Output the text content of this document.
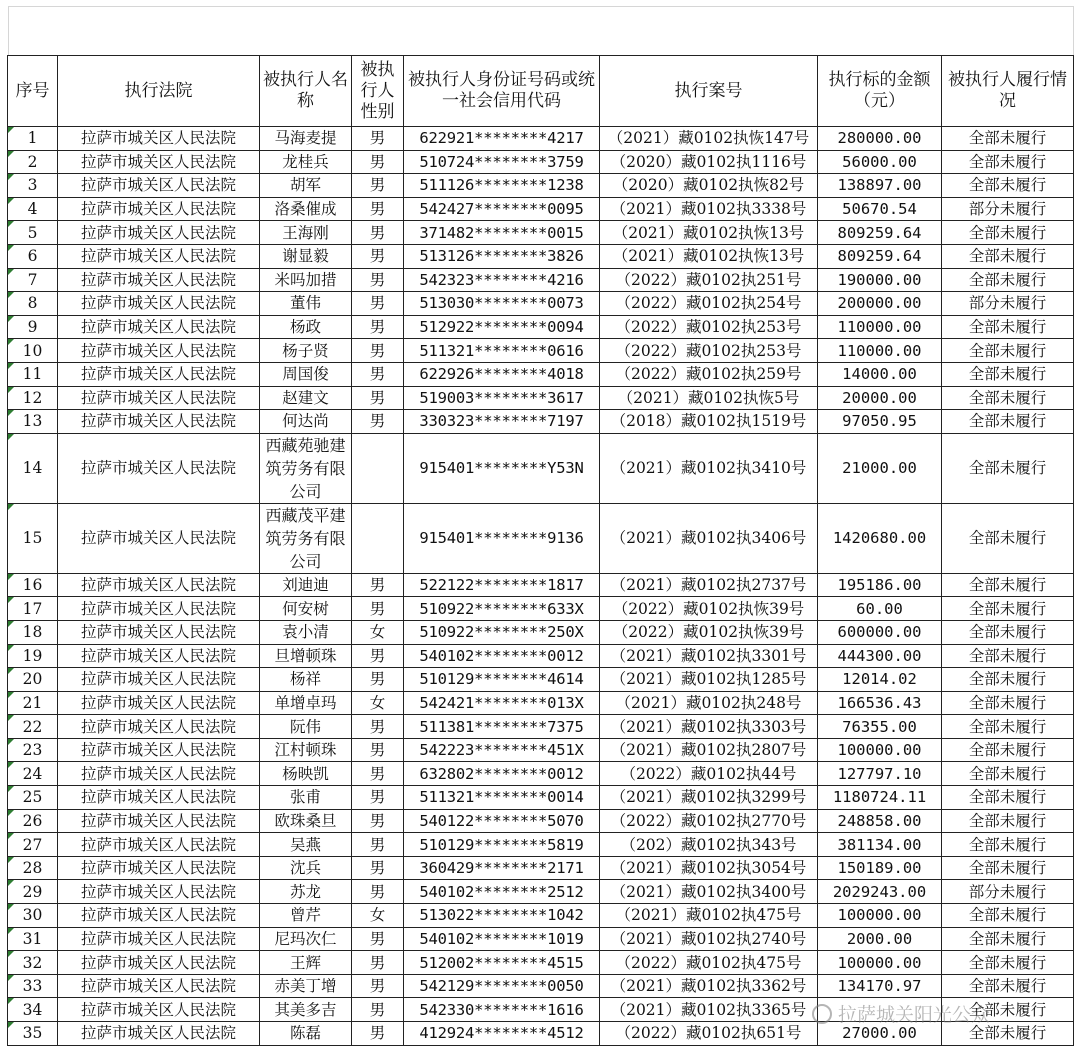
序号	执行法院	被执行人名称	被执行人性别	被执行人身份证号码或统一社会信用代码	执行案号	执行标的金额（元）	被执行人履行情况
1	拉萨市城关区人民法院	马海麦提	男	622921********4217	（2021）藏0102执恢147号	280000.00	全部未履行
2	拉萨市城关区人民法院	龙桂兵	男	510724********3759	（2020）藏0102执1116号	56000.00	全部未履行
3	拉萨市城关区人民法院	胡军	男	511126********1238	（2020）藏0102执恢82号	138897.00	全部未履行
4	拉萨市城关区人民法院	洛桑催成	男	542427********0095	（2021）藏0102执3338号	50670.54	部分未履行
5	拉萨市城关区人民法院	王海刚	男	371482********0015	（2021）藏0102执恢13号	809259.64	全部未履行
6	拉萨市城关区人民法院	谢显毅	男	513126********3826	（2021）藏0102执恢13号	809259.64	全部未履行
7	拉萨市城关区人民法院	米吗加措	男	542323********4216	（2022）藏0102执251号	190000.00	全部未履行
8	拉萨市城关区人民法院	董伟	男	513030********0073	（2022）藏0102执254号	200000.00	部分未履行
9	拉萨市城关区人民法院	杨政	男	512922********0094	（2022）藏0102执253号	110000.00	全部未履行
10	拉萨市城关区人民法院	杨子贤	男	511321********0616	（2022）藏0102执253号	110000.00	全部未履行
11	拉萨市城关区人民法院	周国俊	男	622926********4018	（2022）藏0102执259号	14000.00	全部未履行
12	拉萨市城关区人民法院	赵建文	男	519003********3617	（2021）藏0102执恢5号	20000.00	全部未履行
13	拉萨市城关区人民法院	何达尚	男	330323********7197	（2018）藏0102执1519号	97050.95	全部未履行
14	拉萨市城关区人民法院	西藏苑驰建筑劳务有限公司		915401********Y53N	（2021）藏0102执3410号	21000.00	全部未履行
15	拉萨市城关区人民法院	西藏茂平建筑劳务有限公司		915401********9136	（2021）藏0102执3406号	1420680.00	全部未履行
16	拉萨市城关区人民法院	刘迪迪	男	522122********1817	（2021）藏0102执2737号	195186.00	全部未履行
17	拉萨市城关区人民法院	何安树	男	510922********633X	（2022）藏0102执恢39号	60.00	全部未履行
18	拉萨市城关区人民法院	袁小清	女	510922********250X	（2022）藏0102执恢39号	600000.00	全部未履行
19	拉萨市城关区人民法院	旦增顿珠	男	540102********0012	（2021）藏0102执3301号	444300.00	全部未履行
20	拉萨市城关区人民法院	杨祥	男	510129********4614	（2021）藏0102执1285号	12014.02	全部未履行
21	拉萨市城关区人民法院	单增卓玛	女	542421********013X	（2021）藏0102执248号	166536.43	全部未履行
22	拉萨市城关区人民法院	阮伟	男	511381********7375	（2021）藏0102执3303号	76355.00	全部未履行
23	拉萨市城关区人民法院	江村顿珠	男	542223********451X	（2021）藏0102执2807号	100000.00	全部未履行
24	拉萨市城关区人民法院	杨映凯	男	632802********0012	（2022）藏0102执44号	127797.10	全部未履行
25	拉萨市城关区人民法院	张甫	男	511321********0014	（2021）藏0102执3299号	1180724.11	全部未履行
26	拉萨市城关区人民法院	欧珠桑旦	男	540122********5070	（2022）藏0102执2770号	248858.00	全部未履行
27	拉萨市城关区人民法院	吴燕	男	510129********5819	（202）藏0102执343号	381134.00	全部未履行
28	拉萨市城关区人民法院	沈兵	男	360429********2171	（2021）藏0102执3054号	150189.00	全部未履行
29	拉萨市城关区人民法院	苏龙	男	540102********2512	（2021）藏0102执3400号	2029243.00	部分未履行
30	拉萨市城关区人民法院	曾芹	女	513022********1042	（2021）藏0102执475号	100000.00	全部未履行
31	拉萨市城关区人民法院	尼玛次仁	男	540102********1019	（2021）藏0102执2740号	2000.00	全部未履行
32	拉萨市城关区人民法院	王辉	男	512002********4515	（2022）藏0102执475号	100000.00	全部未履行
33	拉萨市城关区人民法院	赤美丁增	男	542129********0050	（2021）藏0102执3362号	134170.97	全部未履行
34	拉萨市城关区人民法院	其美多吉	男	542330********1616	（2021）藏0102执3365号		全部未履行
35	拉萨市城关区人民法院	陈磊	男	412924********4512	（2022）藏0102执651号	27000.00	全部未履行
拉萨城关阳光公众
